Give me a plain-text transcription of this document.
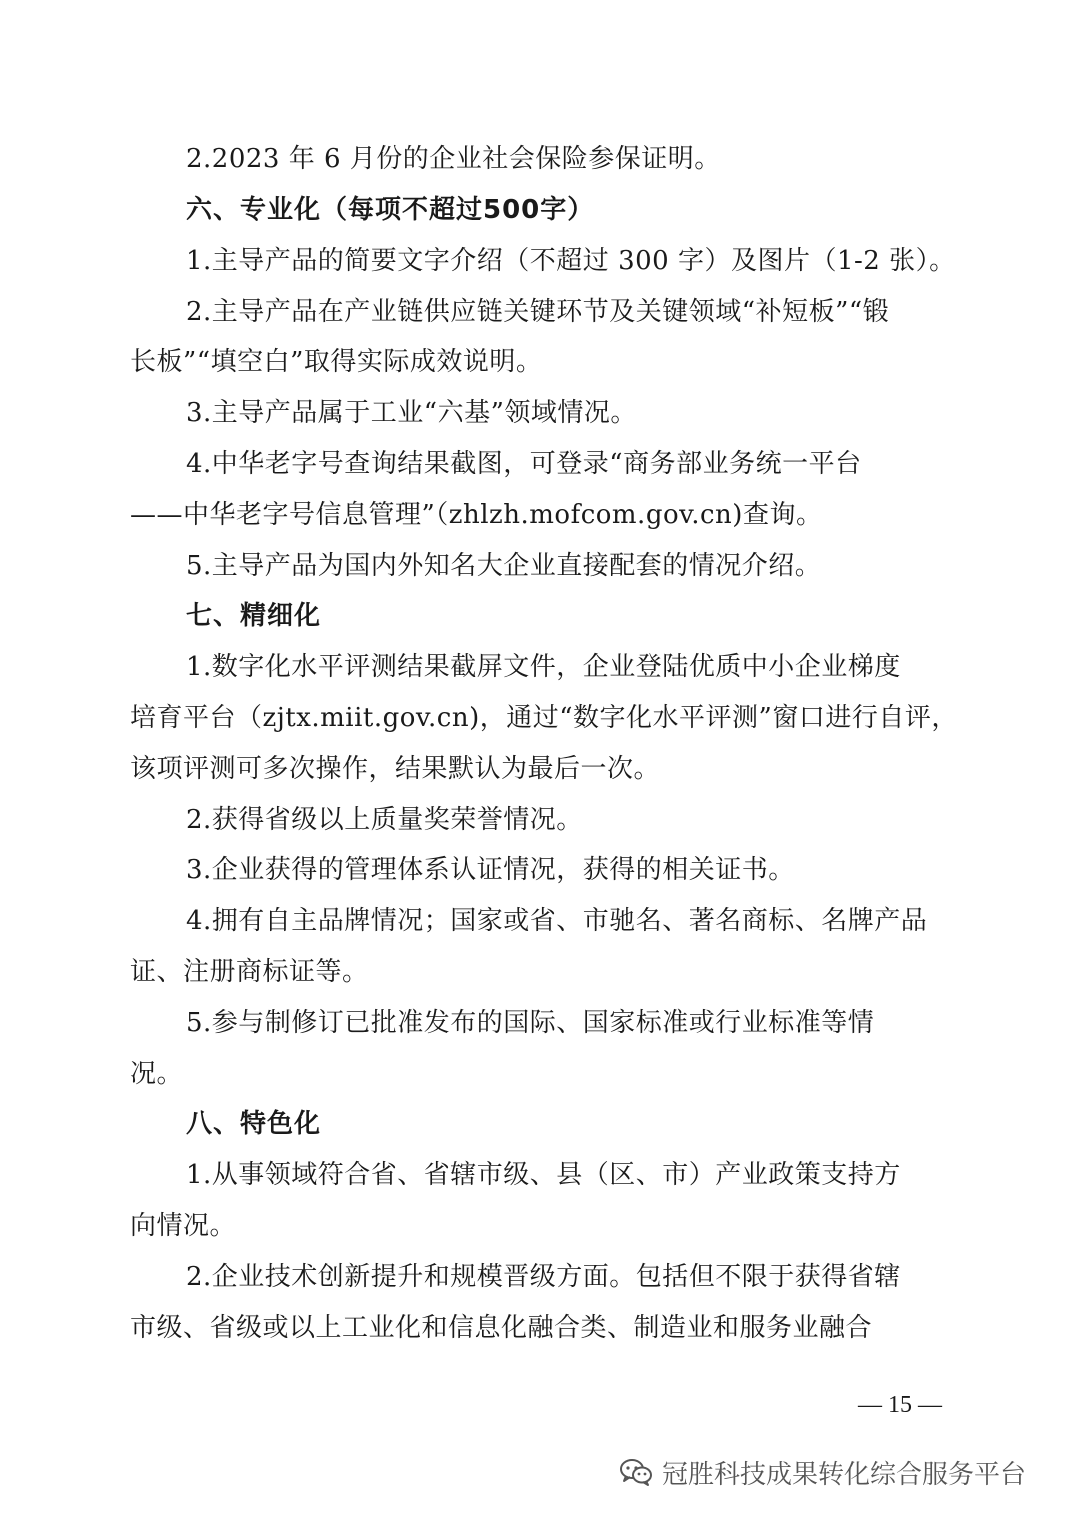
2.2023 年 6 月份的企业社会保险参保证明。
六、专业化（每项不超过500字）
1.主导产品的简要文字介绍（不超过 300 字）及图片（1-2 张）。
2.主导产品在产业链供应链关键环节及关键领域“补短板”“锻
长板”“填空白”取得实际成效说明。
3.主导产品属于工业“六基”领域情况。
4.中华老字号查询结果截图，可登录“商务部业务统一平台
——中华老字号信息管理”（zhlzh.mofcom.gov.cn)查询。
5.主导产品为国内外知名大企业直接配套的情况介绍。
七、精细化
1.数字化水平评测结果截屏文件，企业登陆优质中小企业梯度
培育平台（zjtx.miit.gov.cn)，通过“数字化水平评测”窗口进行自评，
该项评测可多次操作，结果默认为最后一次。
2.获得省级以上质量奖荣誉情况。
3.企业获得的管理体系认证情况，获得的相关证书。
4.拥有自主品牌情况；国家或省、市驰名、著名商标、名牌产品
证、注册商标证等。
5.参与制修订已批准发布的国际、国家标准或行业标准等情
况。
八、特色化
1.从事领域符合省、省辖市级、县（区、市）产业政策支持方
向情况。
2.企业技术创新提升和规模晋级方面。包括但不限于获得省辖
市级、省级或以上工业化和信息化融合类、制造业和服务业融合
— 15 —
冠胜科技成果转化综合服务平台
